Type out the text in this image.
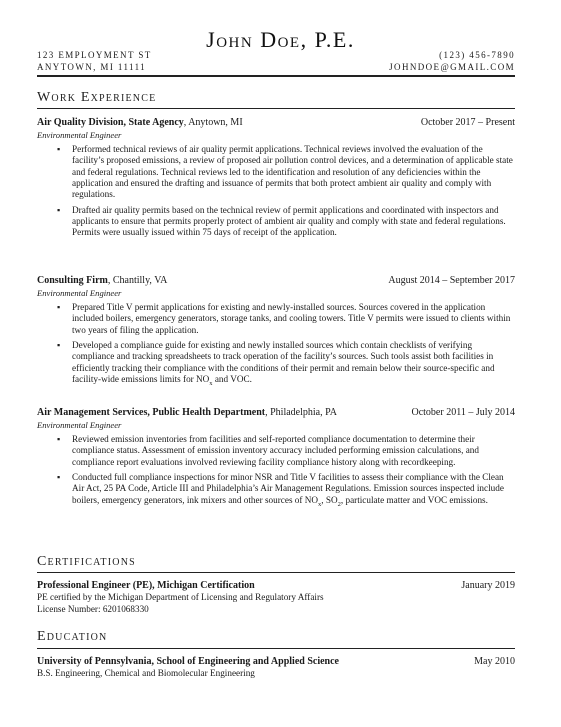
John Doe, P.E.
123 EMPLOYMENT ST	(123) 456-7890
ANYTOWN, MI 11111	JOHNDOE@GMAIL.COM
Work Experience
Air Quality Division, State Agency, Anytown, MI	October 2017 – Present
Environmental Engineer
▪ Performed technical reviews of air quality permit applications. Technical reviews involved the evaluation of the facility’s proposed emissions, a review of proposed air pollution control devices, and a determination of applicable state and federal regulations. Technical reviews led to the identification and resolution of any deficiencies within the application and ensured the drafting and issuance of permits that both protect ambient air quality and comply with regulations.
▪ Drafted air quality permits based on the technical review of permit applications and coordinated with inspectors and applicants to ensure that permits properly protect of ambient air quality and comply with state and federal regulations. Permits were usually issued within 75 days of receipt of the application.
Consulting Firm, Chantilly, VA	August 2014 – September 2017
Environmental Engineer
▪ Prepared Title V permit applications for existing and newly-installed sources. Sources covered in the application included boilers, emergency generators, storage tanks, and cooling towers. Title V permits were issued to clients within two years of filing the application.
▪ Developed a compliance guide for existing and newly installed sources which contain checklists of verifying compliance and tracking spreadsheets to track operation of the facility’s sources. Such tools assist both facilities in efficiently tracking their compliance with the conditions of their permit and remain below their source-specific and facility-wide emissions limits for $NO_x$ and VOC.
Air Management Services, Public Health Department, Philadelphia, PA	October 2011 – July 2014
Environmental Engineer
▪ Reviewed emission inventories from facilities and self-reported compliance documentation to determine their compliance status. Assessment of emission inventory accuracy included performing emission calculations, and compliance report evaluations involved reviewing facility compliance history along with recordkeeping.
▪ Conducted full compliance inspections for minor NSR and Title V facilities to assess their compliance with the Clean Air Act, 25 PA Code, Article III and Philadelphia’s Air Management Regulations. Emission sources inspected include boilers, emergency generators, ink mixers and other sources of $NO_x$, $SO_2$, particulate matter and VOC emissions.
Certifications
Professional Engineer (PE), Michigan Certification	January 2019
PE certified by the Michigan Department of Licensing and Regulatory Affairs
License Number: 6201068330
Education
University of Pennsylvania, School of Engineering and Applied Science	May 2010
B.S. Engineering, Chemical and Biomolecular Engineering
